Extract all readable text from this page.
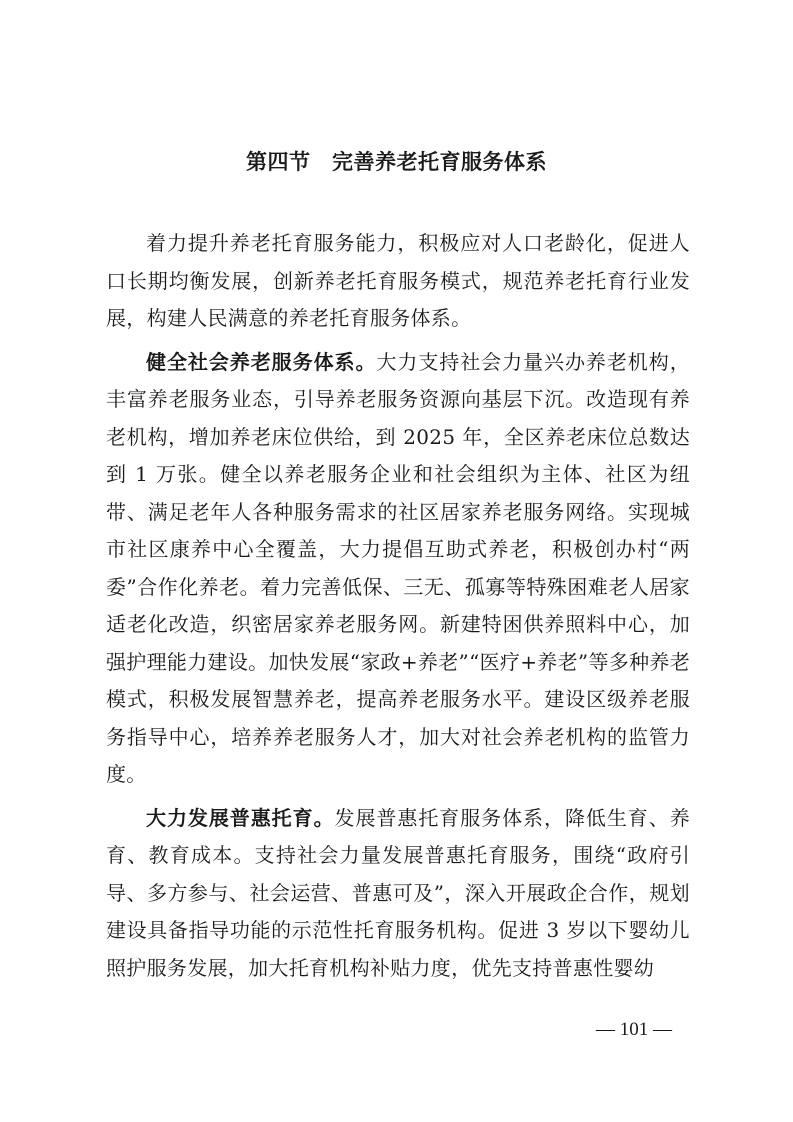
第四节　完善养老托育服务体系

着力提升养老托育服务能力，积极应对人口老龄化，促进人口长期均衡发展，创新养老托育服务模式，规范养老托育行业发展，构建人民满意的养老托育服务体系。

健全社会养老服务体系。大力支持社会力量兴办养老机构，丰富养老服务业态，引导养老服务资源向基层下沉。改造现有养老机构，增加养老床位供给，到 2025 年，全区养老床位总数达到 1 万张。健全以养老服务企业和社会组织为主体、社区为纽带、满足老年人各种服务需求的社区居家养老服务网络。实现城市社区康养中心全覆盖，大力提倡互助式养老，积极创办村“两委”合作化养老。着力完善低保、三无、孤寡等特殊困难老人居家适老化改造，织密居家养老服务网。新建特困供养照料中心，加强护理能力建设。加快发展“家政+养老”“医疗+养老”等多种养老模式，积极发展智慧养老，提高养老服务水平。建设区级养老服务指导中心，培养养老服务人才，加大对社会养老机构的监管力度。

大力发展普惠托育。发展普惠托育服务体系，降低生育、养育、教育成本。支持社会力量发展普惠托育服务，围绕“政府引导、多方参与、社会运营、普惠可及”，深入开展政企合作，规划建设具备指导功能的示范性托育服务机构。促进 3 岁以下婴幼儿照护服务发展，加大托育机构补贴力度，优先支持普惠性婴幼

— 101 —
